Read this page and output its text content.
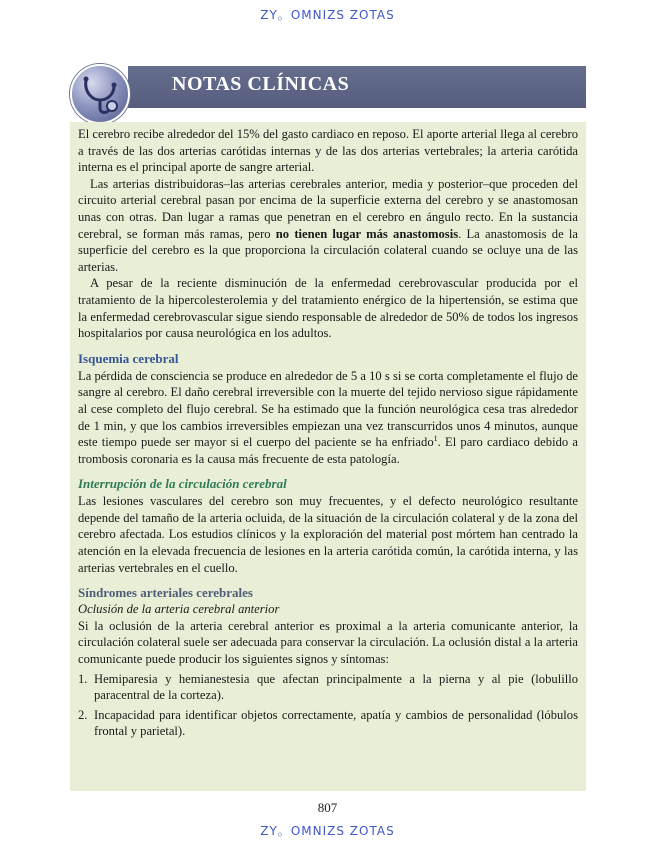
ZY。OMNIZS ZOTAS
NOTAS CLÍNICAS

El cerebro recibe alrededor del 15% del gasto cardiaco en reposo. El aporte arterial llega al cerebro a través de las dos arterias carótidas internas y de las dos arterias vertebrales; la arteria carótida interna es el principal aporte de sangre arterial.

Las arterias distribuidoras–las arterias cerebrales anterior, media y posterior–que proceden del circuito arterial cerebral pasan por encima de la superficie externa del cerebro y se anastomosan unas con otras. Dan lugar a ramas que penetran en el cerebro en ángulo recto. En la sustancia cerebral, se forman más ramas, pero no tienen lugar más anastomosis. La anastomosis de la superficie del cerebro es la que proporciona la circulación colateral cuando se ocluye una de las arterias.

A pesar de la reciente disminución de la enfermedad cerebrovascular producida por el tratamiento de la hipercolesterolemia y del tratamiento enérgico de la hipertensión, se estima que la enfermedad cerebrovascular sigue siendo responsable de alrededor de 50% de todos los ingresos hospitalarios por causa neurológica en los adultos.

Isquemia cerebral

La pérdida de consciencia se produce en alrededor de 5 a 10 s si se corta completamente el flujo de sangre al cerebro. El daño cerebral irreversible con la muerte del tejido nervioso sigue rápidamente al cese completo del flujo cerebral. Se ha estimado que la función neurológica cesa tras alrededor de 1 min, y que los cambios irreversibles empiezan una vez transcurridos unos 4 minutos, aunque este tiempo puede ser mayor si el cuerpo del paciente se ha enfriado$^1$. El paro cardiaco debido a trombosis coronaria es la causa más frecuente de esta patología.

Interrupción de la circulación cerebral

Las lesiones vasculares del cerebro son muy frecuentes, y el defecto neurológico resultante depende del tamaño de la arteria ocluida, de la situación de la circulación colateral y de la zona del cerebro afectada. Los estudios clínicos y la exploración del material post mórtem han centrado la atención en la elevada frecuencia de lesiones en la arteria carótida común, la carótida interna, y las arterias vertebrales en el cuello.

Síndromes arteriales cerebrales
Oclusión de la arteria cerebral anterior

Si la oclusión de la arteria cerebral anterior es proximal a la arteria comunicante anterior, la circulación colateral suele ser adecuada para conservar la circulación. La oclusión distal a la arteria comunicante puede producir los siguientes signos y síntomas:

1. Hemiparesia y hemianestesia que afectan principalmente a la pierna y al pie (lobulillo paracentral de la corteza).
2. Incapacidad para identificar objetos correctamente, apatía y cambios de personalidad (lóbulos frontal y parietal).
807
ZY。OMNIZS ZOTAS
